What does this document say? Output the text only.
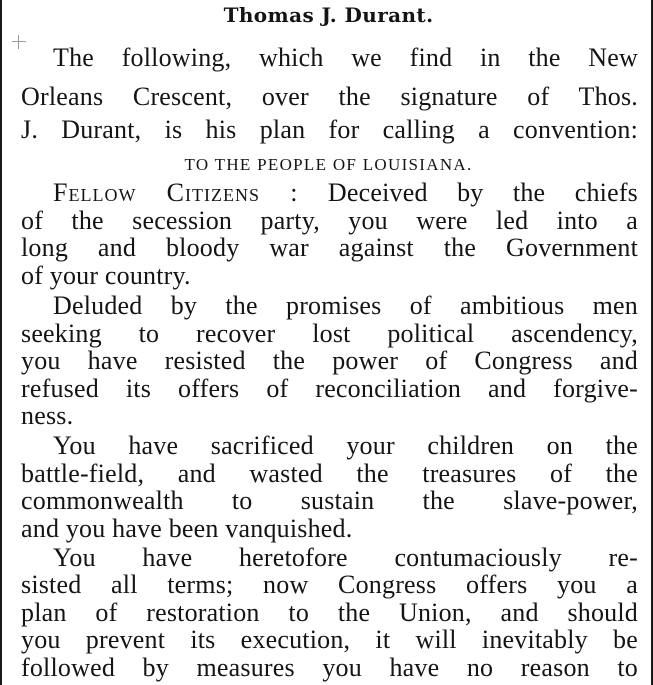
Thomas J. Durant.
The following, which we find in the New
Orleans Crescent, over the signature of Thos.
J. Durant, is his plan for calling a convention:
TO THE PEOPLE OF LOUISIANA.
Fellow Citizens : Deceived by the chiefs
of the secession party, you were led into a
long and bloody war against the Government
of your country.
Deluded by the promises of ambitious men
seeking to recover lost political ascendency,
you have resisted the power of Congress and
refused its offers of reconciliation and forgive-
ness.
You have sacrificed your children on the
battle-field, and wasted the treasures of the
commonwealth to sustain the slave-power,
and you have been vanquished.
You have heretofore contumaciously re-
sisted all terms; now Congress offers you a
plan of restoration to the Union, and should
you prevent its execution, it will inevitably be
followed by measures you have no reason to
